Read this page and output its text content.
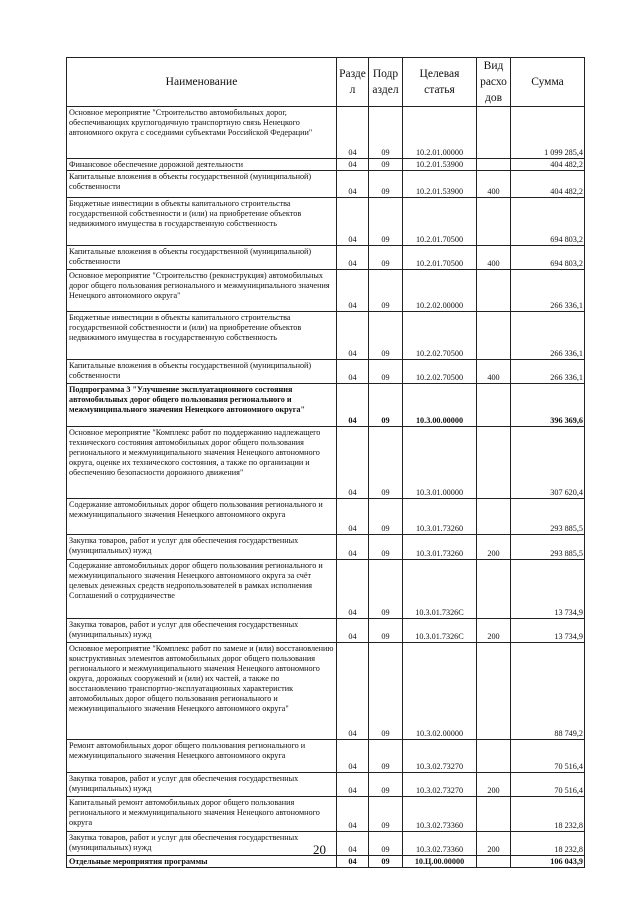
Наименование	Разде л	Подр аздел	Целевая статья	Вид расхо дов	Сумма
Основное мероприятие "Строительство автомобильных дорог, обеспечивающих круглогодичную транспортную связь Ненецкого автономного округа с соседними субъектами Российской Федерации"	04	09	10.2.01.00000		1 099 285,4
Финансовое обеспечение дорожной деятельности	04	09	10.2.01.53900		404 482,2
Капитальные вложения в объекты государственной (муниципальной) собственности	04	09	10.2.01.53900	400	404 482,2
Бюджетные инвестиции в объекты капитального строительства государственной собственности и (или) на приобретение объектов недвижимого имущества в государственную собственность	04	09	10.2.01.70500		694 803,2
Капитальные вложения в объекты государственной (муниципальной) собственности	04	09	10.2.01.70500	400	694 803,2
Основное мероприятие "Строительство (реконструкция) автомобильных дорог общего пользования регионального и межмуниципального значения Ненецкого автономного округа"	04	09	10.2.02.00000		266 336,1
Бюджетные инвестиции в объекты капитального строительства государственной собственности и (или) на приобретение объектов недвижимого имущества в государственную собственность	04	09	10.2.02.70500		266 336,1
Капитальные вложения в объекты государственной (муниципальной) собственности	04	09	10.2.02.70500	400	266 336,1
Подпрограмма 3 "Улучшение эксплуатационного состояния автомобильных дорог общего пользования регионального и межмуниципального значения Ненецкого автономного округа"	04	09	10.3.00.00000		396 369,6
Основное мероприятие "Комплекс работ по поддержанию надлежащего технического состояния автомобильных дорог общего пользования регионального и межмуниципального значения Ненецкого автономного округа, оценке их технического состояния, а также по организации и обеспечению безопасности дорожного движения"	04	09	10.3.01.00000		307 620,4
Содержание автомобильных дорог общего пользования регионального и межмуниципального значения Ненецкого автономного округа	04	09	10.3.01.73260		293 885,5
Закупка товаров, работ и услуг для обеспечения государственных (муниципальных) нужд	04	09	10.3.01.73260	200	293 885,5
Содержание автомобильных дорог общего пользования регионального и межмуниципального значения Ненецкого автономного округа за счёт целевых денежных средств недропользователей в рамках исполнения Соглашений о сотрудничестве	04	09	10.3.01.7326C		13 734,9
Закупка товаров, работ и услуг для обеспечения государственных (муниципальных) нужд	04	09	10.3.01.7326C	200	13 734,9
Основное мероприятие "Комплекс работ по замене и (или) восстановлению конструктивных элементов автомобильных дорог общего пользования регионального и межмуниципального значения Ненецкого автономного округа, дорожных сооружений и (или) их частей, а также по восстановлению транспортно-эксплуатационных характеристик автомобильных дорог общего пользования регионального и межмуниципального значения Ненецкого автономного округа"	04	09	10.3.02.00000		88 749,2
Ремонт автомобильных дорог общего пользования регионального и межмуниципального значения Ненецкого автономного округа	04	09	10.3.02.73270		70 516,4
Закупка товаров, работ и услуг для обеспечения государственных (муниципальных) нужд	04	09	10.3.02.73270	200	70 516,4
Капитальный ремонт автомобильных дорог общего пользования регионального и межмуниципального значения Ненецкого автономного округа	04	09	10.3.02.73360		18 232,8
Закупка товаров, работ и услуг для обеспечения государственных (муниципальных) нужд	04	09	10.3.02.73360	200	18 232,8
Отдельные мероприятия программы	04	09	10.Ц.00.00000		106 043,9
20
